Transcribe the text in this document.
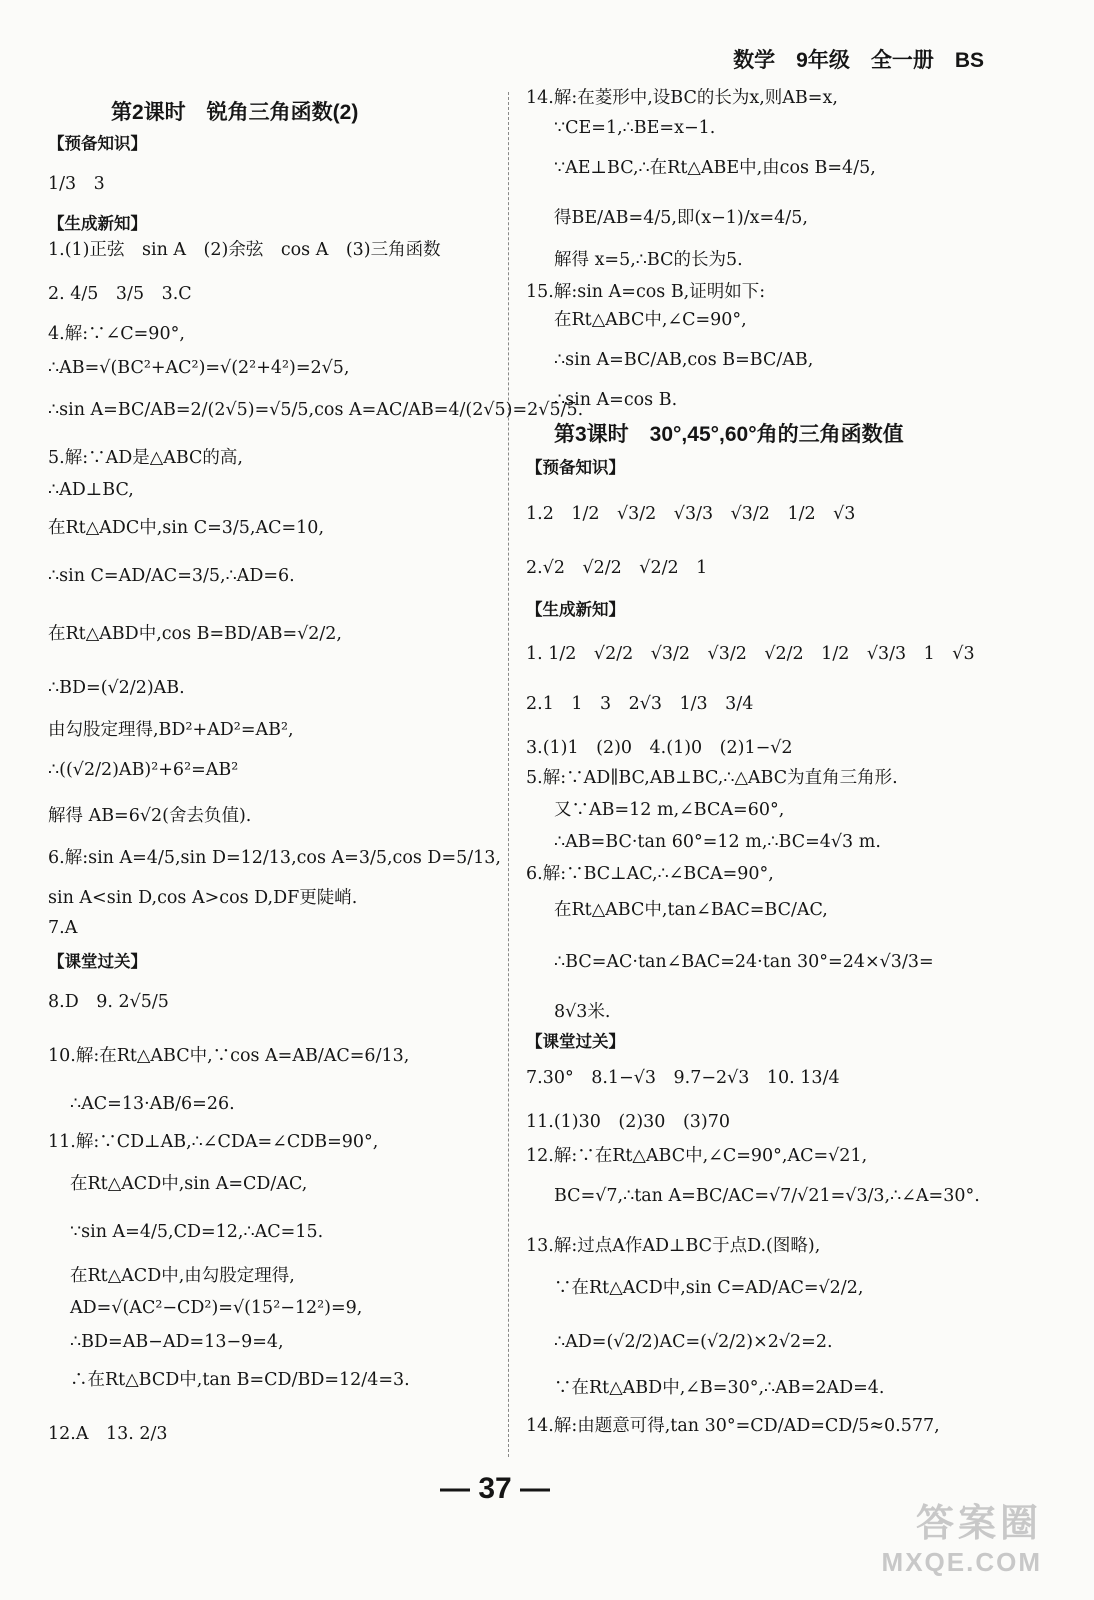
数学　9年级　全一册　BS
　　　第2课时　锐角三角函数(2)
【预备知识】
1/3　3
【生成新知】
1.(1)正弦　sin A　(2)余弦　cos A　(3)三角函数
2. 4/5　3/5　3.C
4.解:∵∠C=90°,
∴AB=√(BC²+AC²)=√(2²+4²)=2√5,
∴sin A=BC/AB=2/(2√5)=√5/5,cos A=AC/AB=4/(2√5)=2√5/5.
5.解:∵AD是△ABC的高,
∴AD⊥BC,
在Rt△ADC中,sin C=3/5,AC=10,
∴sin C=AD/AC=3/5,∴AD=6.
在Rt△ABD中,cos B=BD/AB=√2/2,
∴BD=(√2/2)AB.
由勾股定理得,BD²+AD²=AB²,
∴((√2/2)AB)²+6²=AB²
解得 AB=6√2(舍去负值).
6.解:sin A=4/5,sin D=12/13,cos A=3/5,cos D=5/13,
sin A<sin D,cos A>cos D,DF更陡峭.
7.A
【课堂过关】
8.D　9. 2√5/5
10.解:在Rt△ABC中,∵cos A=AB/AC=6/13,
∴AC=13·AB/6=26.
11.解:∵CD⊥AB,∴∠CDA=∠CDB=90°,
在Rt△ACD中,sin A=CD/AC,
∵sin A=4/5,CD=12,∴AC=15.
在Rt△ACD中,由勾股定理得,
AD=√(AC²−CD²)=√(15²−12²)=9,
∴BD=AB−AD=13−9=4,
∴在Rt△BCD中,tan B=CD/BD=12/4=3.
12.A　13. 2/3
14.解:在菱形中,设BC的长为x,则AB=x,
∵CE=1,∴BE=x−1.
∵AE⊥BC,∴在Rt△ABE中,由cos B=4/5,
得BE/AB=4/5,即(x−1)/x=4/5,
解得 x=5,∴BC的长为5.
15.解:sin A=cos B,证明如下:
在Rt△ABC中,∠C=90°,
∴sin A=BC/AB,cos B=BC/AB,
∴sin A=cos B.
第3课时　30°,45°,60°角的三角函数值
【预备知识】
1.2　1/2　√3/2　√3/3　√3/2　1/2　√3
2.√2　√2/2　√2/2　1
【生成新知】
1. 1/2　√2/2　√3/2　√3/2　√2/2　1/2　√3/3　1　√3
2.1　1　3　2√3　1/3　3/4
3.(1)1　(2)0　4.(1)0　(2)1−√2
5.解:∵AD∥BC,AB⊥BC,∴△ABC为直角三角形.
又∵AB=12 m,∠BCA=60°,
∴AB=BC·tan 60°=12 m,∴BC=4√3 m.
6.解:∵BC⊥AC,∴∠BCA=90°,
在Rt△ABC中,tan∠BAC=BC/AC,
∴BC=AC·tan∠BAC=24·tan 30°=24×√3/3=
8√3米.
【课堂过关】
7.30°　8.1−√3　9.7−2√3　10. 13/4
11.(1)30　(2)30　(3)70
12.解:∵在Rt△ABC中,∠C=90°,AC=√21,
BC=√7,∴tan A=BC/AC=√7/√21=√3/3,∴∠A=30°.
13.解:过点A作AD⊥BC于点D.(图略),
∵在Rt△ACD中,sin C=AD/AC=√2/2,
∴AD=(√2/2)AC=(√2/2)×2√2=2.
∵在Rt△ABD中,∠B=30°,∴AB=2AD=4.
14.解:由题意可得,tan 30°=CD/AD=CD/5≈0.577,
— 37 —
答案圈
MXQE.COM
